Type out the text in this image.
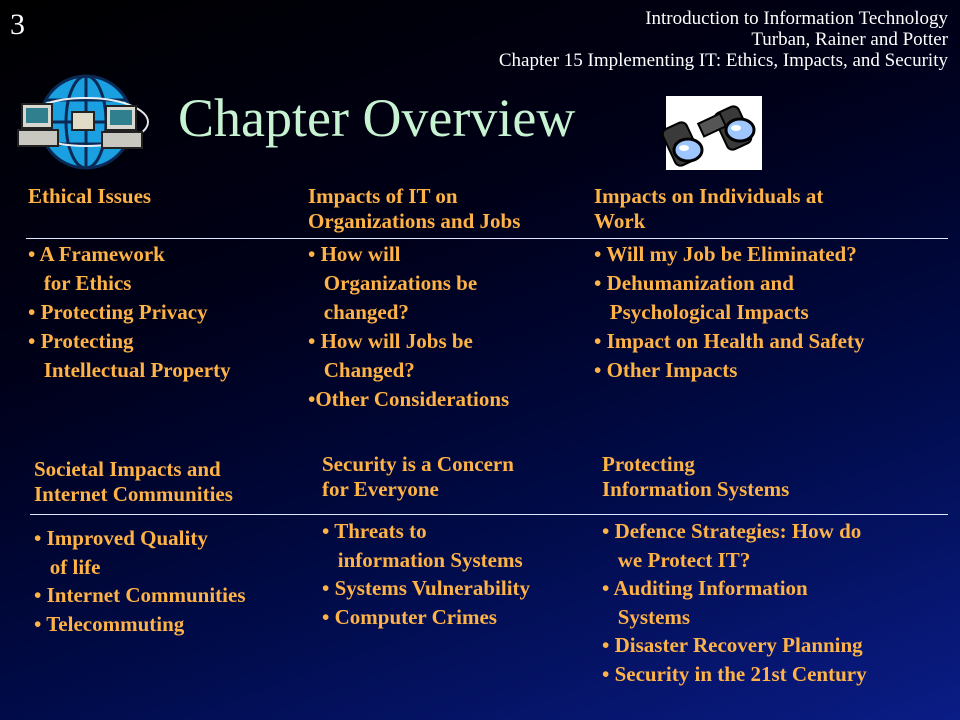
3	Introduction to Information Technology
Turban, Rainer and Potter
Chapter 15 Implementing IT: Ethics, Impacts, and Security
Chapter Overview
Ethical Issues	Impacts of IT on
Organizations and Jobs
Impacts on Individuals at
Work
• A Framework
for Ethics
• Protecting Privacy
• Protecting
Intellectual Property
• How will
Organizations be
changed?
• How will Jobs be
Changed?
•Other Considerations
• Will my Job be Eliminated?
• Dehumanization and
Psychological Impacts
• Impact on Health and Safety
• Other Impacts
Societal Impacts and
Internet Communities
Security is a Concern
for Everyone
Protecting
Information Systems
• Improved Quality
of life
• Internet Communities
• Telecommuting
• Threats to
information Systems
• Systems Vulnerability
• Computer Crimes
• Defence Strategies: How do
we Protect IT?
• Auditing Information
Systems
• Disaster Recovery Planning
• Security in the 21st Century
